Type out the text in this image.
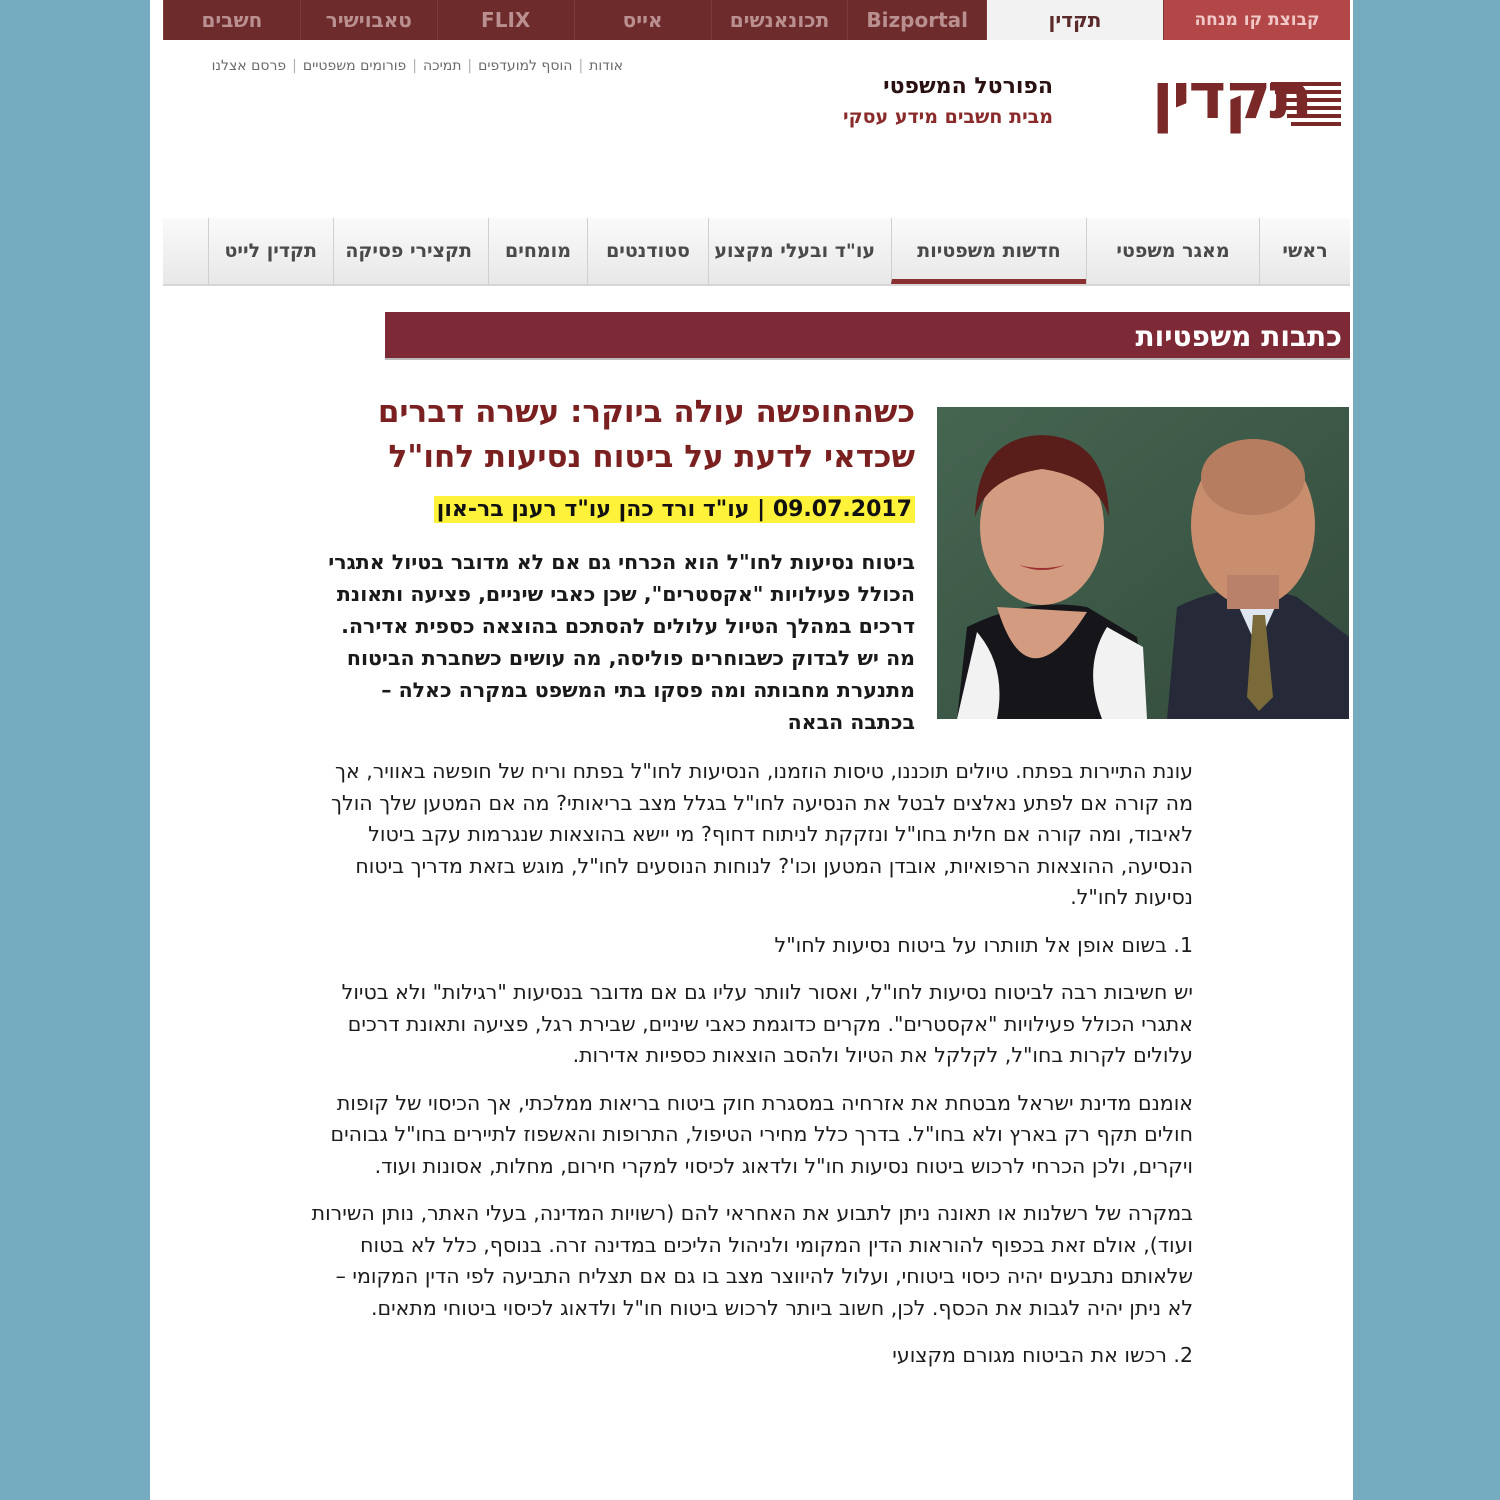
קבוצת קו מנחה
תקדין
Bizportal
תכונאנשים
אייס
FLIX
טאבוישיר
חשבים
אודות|הוסף למועדפים|תמיכה|פורומים משפטיים|פרסם אצלנו	תקדין
הפורטל המשפטי
מבית חשבים מידע עסקי
ראשי
מאגר משפטי
חדשות משפטיות
עו"ד ובעלי מקצוע
סטודנטים
מומחים
תקצירי פסיקה
תקדין לייט
כתבות משפטיות
כשהחופשה עולה ביוקר: עשרה דברים שכדאי לדעת על ביטוח נסיעות לחו"ל
09.07.2017 | עו"ד ורד כהן עו"ד רענן בר-און
ביטוח נסיעות לחו"ל הוא הכרחי גם אם לא מדובר בטיול אתגרי הכולל פעילויות "אקסטרים", שכן כאבי שיניים, פציעה ותאונת דרכים במהלך הטיול עלולים להסתכם בהוצאה כספית אדירה. מה יש לבדוק כשבוחרים פוליסה, מה עושים כשחברת הביטוח מתנערת מחבותה ומה פסקו בתי המשפט במקרה כאלה – בכתבה הבאה

עונת התיירות בפתח. טיולים תוכננו, טיסות הוזמנו, הנסיעות לחו"ל בפתח וריח של חופשה באוויר, אך מה קורה אם לפתע נאלצים לבטל את הנסיעה לחו"ל בגלל מצב בריאותי? מה אם המטען שלך הולך לאיבוד, ומה קורה אם חלית בחו"ל ונזקקת לניתוח דחוף? מי יישא בהוצאות שנגרמות עקב ביטול הנסיעה, ההוצאות הרפואיות, אובדן המטען וכו'? לנוחות הנוסעים לחו"ל, מוגש בזאת מדריך ביטוח נסיעות לחו"ל.

1. בשום אופן אל תוותרו על ביטוח נסיעות לחו"ל

יש חשיבות רבה לביטוח נסיעות לחו"ל, ואסור לוותר עליו גם אם מדובר בנסיעות "רגילות" ולא בטיול אתגרי הכולל פעילויות "אקסטרים". מקרים כדוגמת כאבי שיניים, שבירת רגל, פציעה ותאונת דרכים עלולים לקרות בחו"ל, לקלקל את הטיול ולהסב הוצאות כספיות אדירות.

אומנם מדינת ישראל מבטחת את אזרחיה במסגרת חוק ביטוח בריאות ממלכתי, אך הכיסוי של קופות חולים תקף רק בארץ ולא בחו"ל. בדרך כלל מחירי הטיפול, התרופות והאשפוז לתיירים בחו"ל גבוהים ויקרים, ולכן הכרחי לרכוש ביטוח נסיעות חו"ל ולדאוג לכיסוי למקרי חירום, מחלות, אסונות ועוד.

במקרה של רשלנות או תאונה ניתן לתבוע את האחראי להם (רשויות המדינה, בעלי האתר, נותן השירות ועוד), אולם זאת בכפוף להוראות הדין המקומי ולניהול הליכים במדינה זרה. בנוסף, כלל לא בטוח שלאותם נתבעים יהיה כיסוי ביטוחי, ועלול להיווצר מצב בו גם אם תצליח התביעה לפי הדין המקומי – לא ניתן יהיה לגבות את הכסף. לכן, חשוב ביותר לרכוש ביטוח חו"ל ולדאוג לכיסוי ביטוחי מתאים.

2. רכשו את הביטוח מגורם מקצועי
